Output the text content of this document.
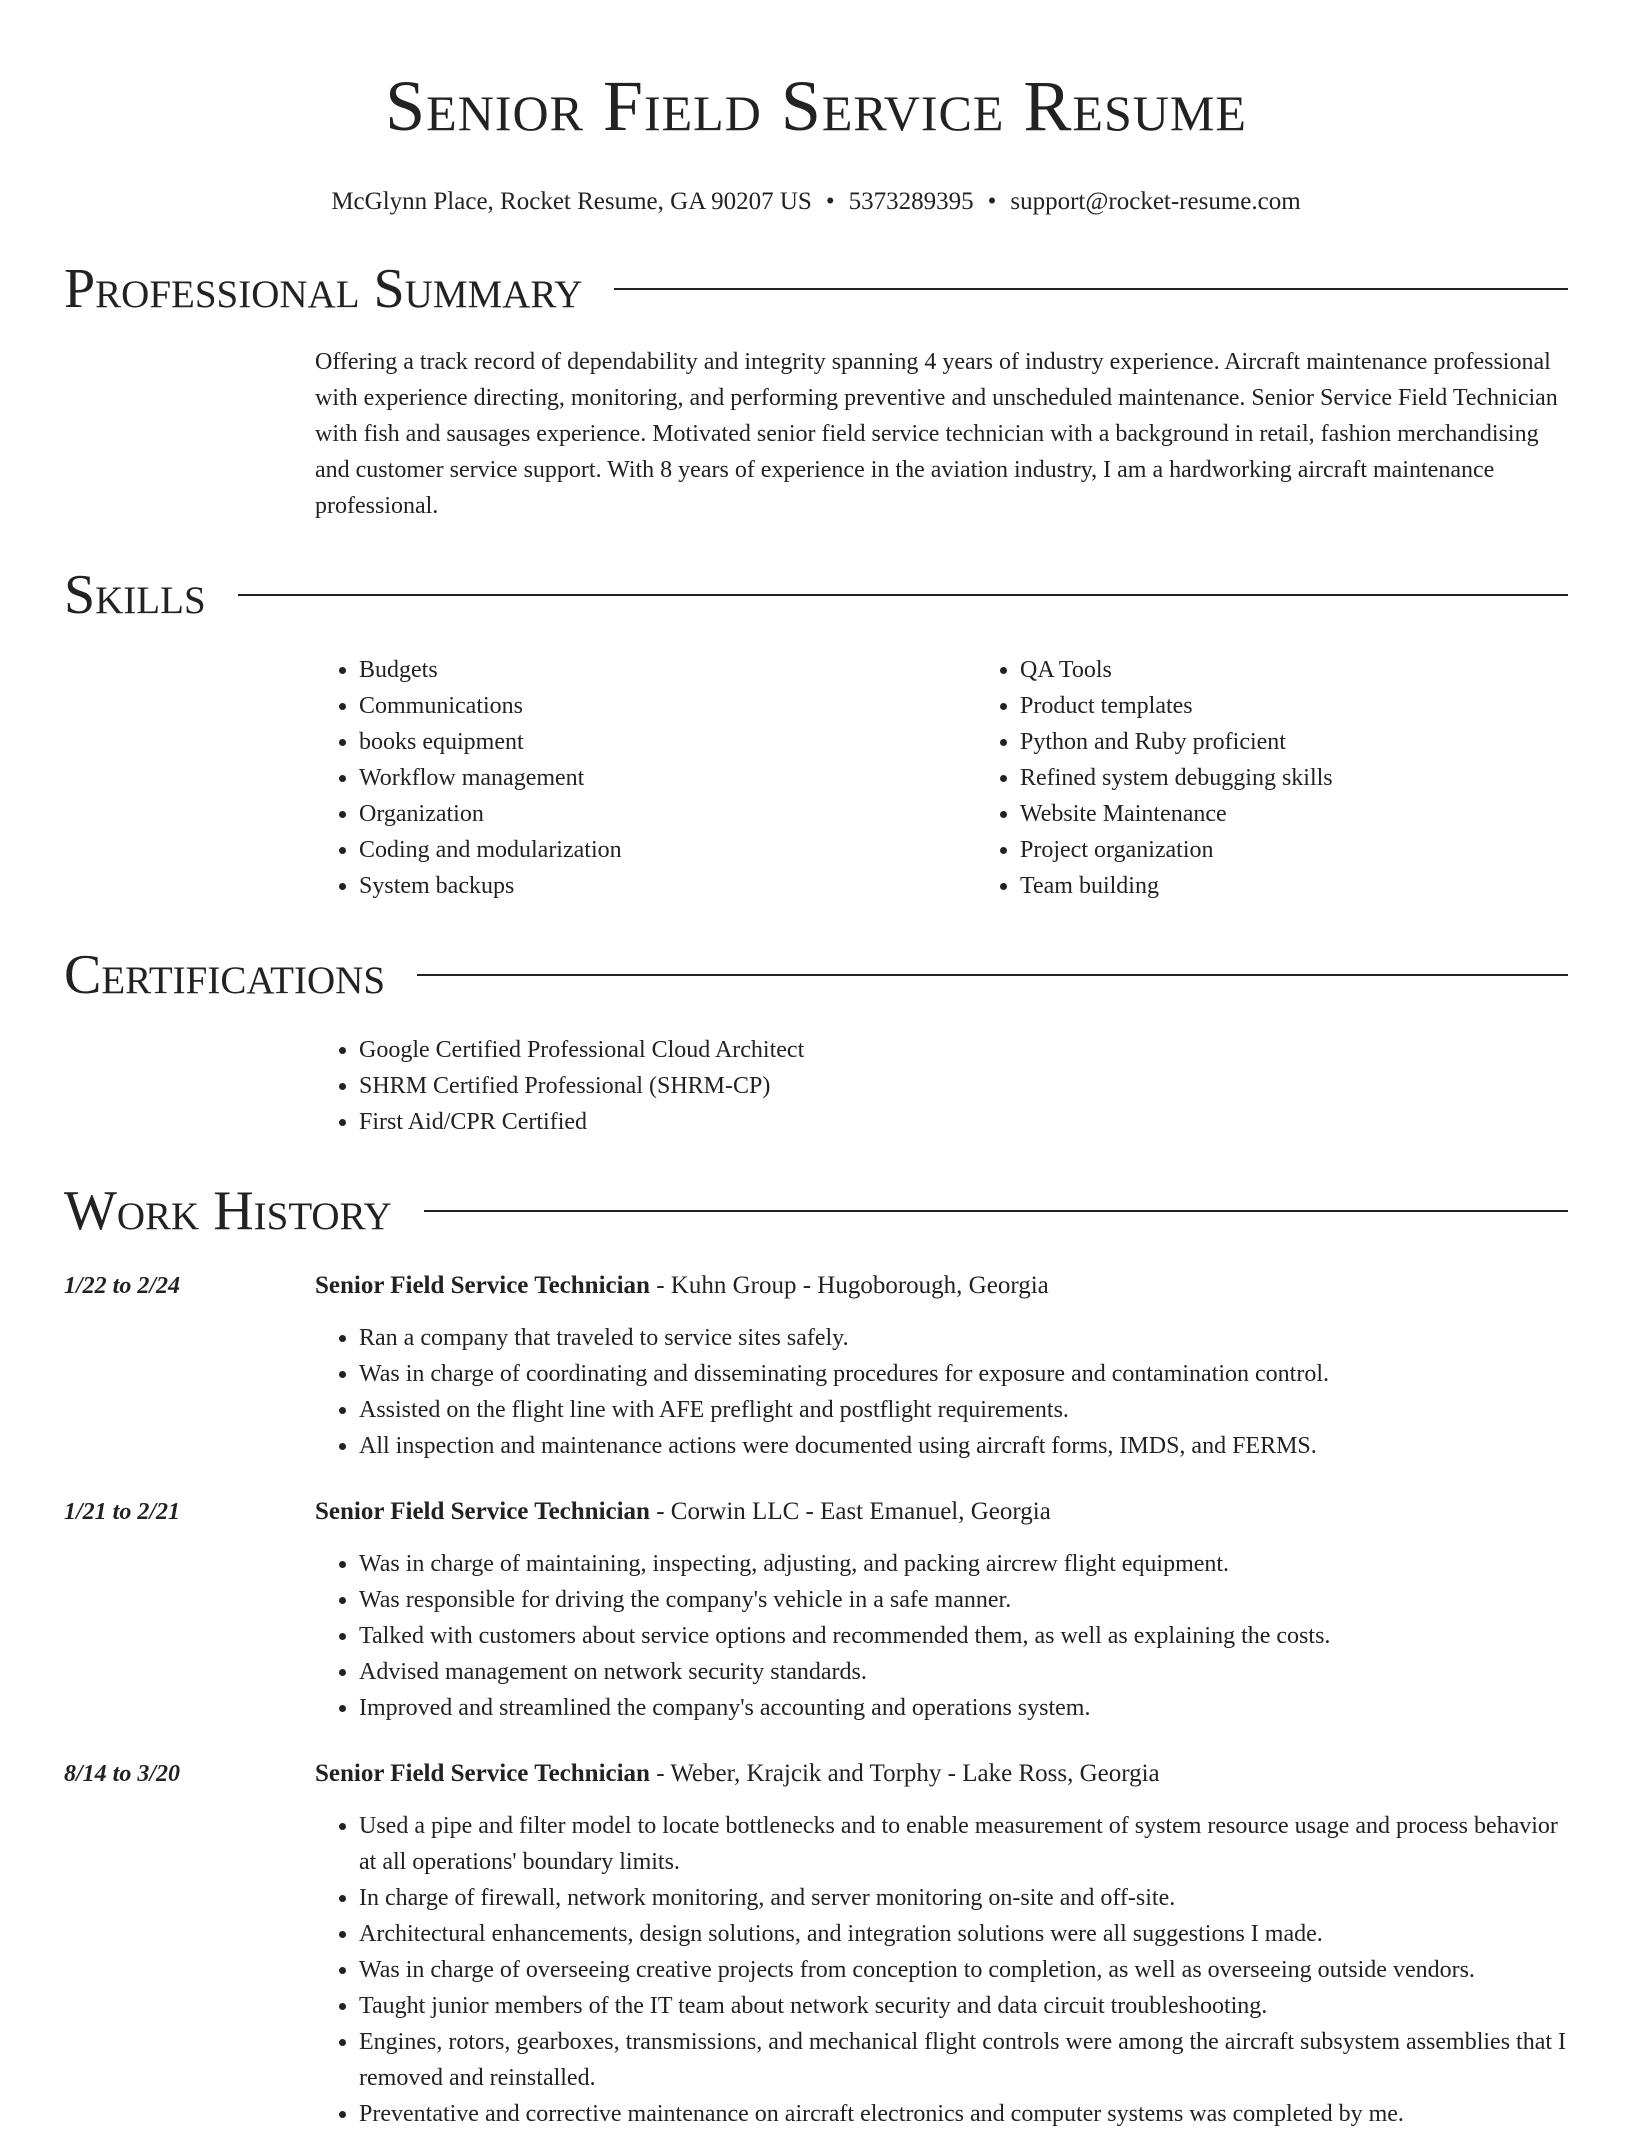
Senior Field Service Resume
McGlynn Place, Rocket Resume, GA 90207 US • 5373289395 • support@rocket-resume.com
Professional Summary

Offering a track record of dependability and integrity spanning 4 years of industry experience. Aircraft maintenance professional with experience directing, monitoring, and performing preventive and unscheduled maintenance. Senior Service Field Technician with fish and sausages experience. Motivated senior field service technician with a background in retail, fashion merchandising and customer service support. With 8 years of experience in the aviation industry, I am a hardworking aircraft maintenance professional.

Skills
• Budgets
• Communications
• books equipment
• Workflow management
• Organization
• Coding and modularization
• System backups
• QA Tools
• Product templates
• Python and Ruby proficient
• Refined system debugging skills
• Website Maintenance
• Project organization
• Team building
Certifications
• Google Certified Professional Cloud Architect
• SHRM Certified Professional (SHRM-CP)
• First Aid/CPR Certified
Work History
1/22 to 2/24	Senior Field Service Technician - Kuhn Group - Hugoborough, Georgia
• Ran a company that traveled to service sites safely.
• Was in charge of coordinating and disseminating procedures for exposure and contamination control.
• Assisted on the flight line with AFE preflight and postflight requirements.
• All inspection and maintenance actions were documented using aircraft forms, IMDS, and FERMS.
1/21 to 2/21	Senior Field Service Technician - Corwin LLC - East Emanuel, Georgia
• Was in charge of maintaining, inspecting, adjusting, and packing aircrew flight equipment.
• Was responsible for driving the company's vehicle in a safe manner.
• Talked with customers about service options and recommended them, as well as explaining the costs.
• Advised management on network security standards.
• Improved and streamlined the company's accounting and operations system.
8/14 to 3/20	Senior Field Service Technician - Weber, Krajcik and Torphy - Lake Ross, Georgia
• Used a pipe and filter model to locate bottlenecks and to enable measurement of system resource usage and process behavior at all operations' boundary limits.
• In charge of firewall, network monitoring, and server monitoring on-site and off-site.
• Architectural enhancements, design solutions, and integration solutions were all suggestions I made.
• Was in charge of overseeing creative projects from conception to completion, as well as overseeing outside vendors.
• Taught junior members of the IT team about network security and data circuit troubleshooting.
• Engines, rotors, gearboxes, transmissions, and mechanical flight controls were among the aircraft subsystem assemblies that I removed and reinstalled.
• Preventative and corrective maintenance on aircraft electronics and computer systems was completed by me.
